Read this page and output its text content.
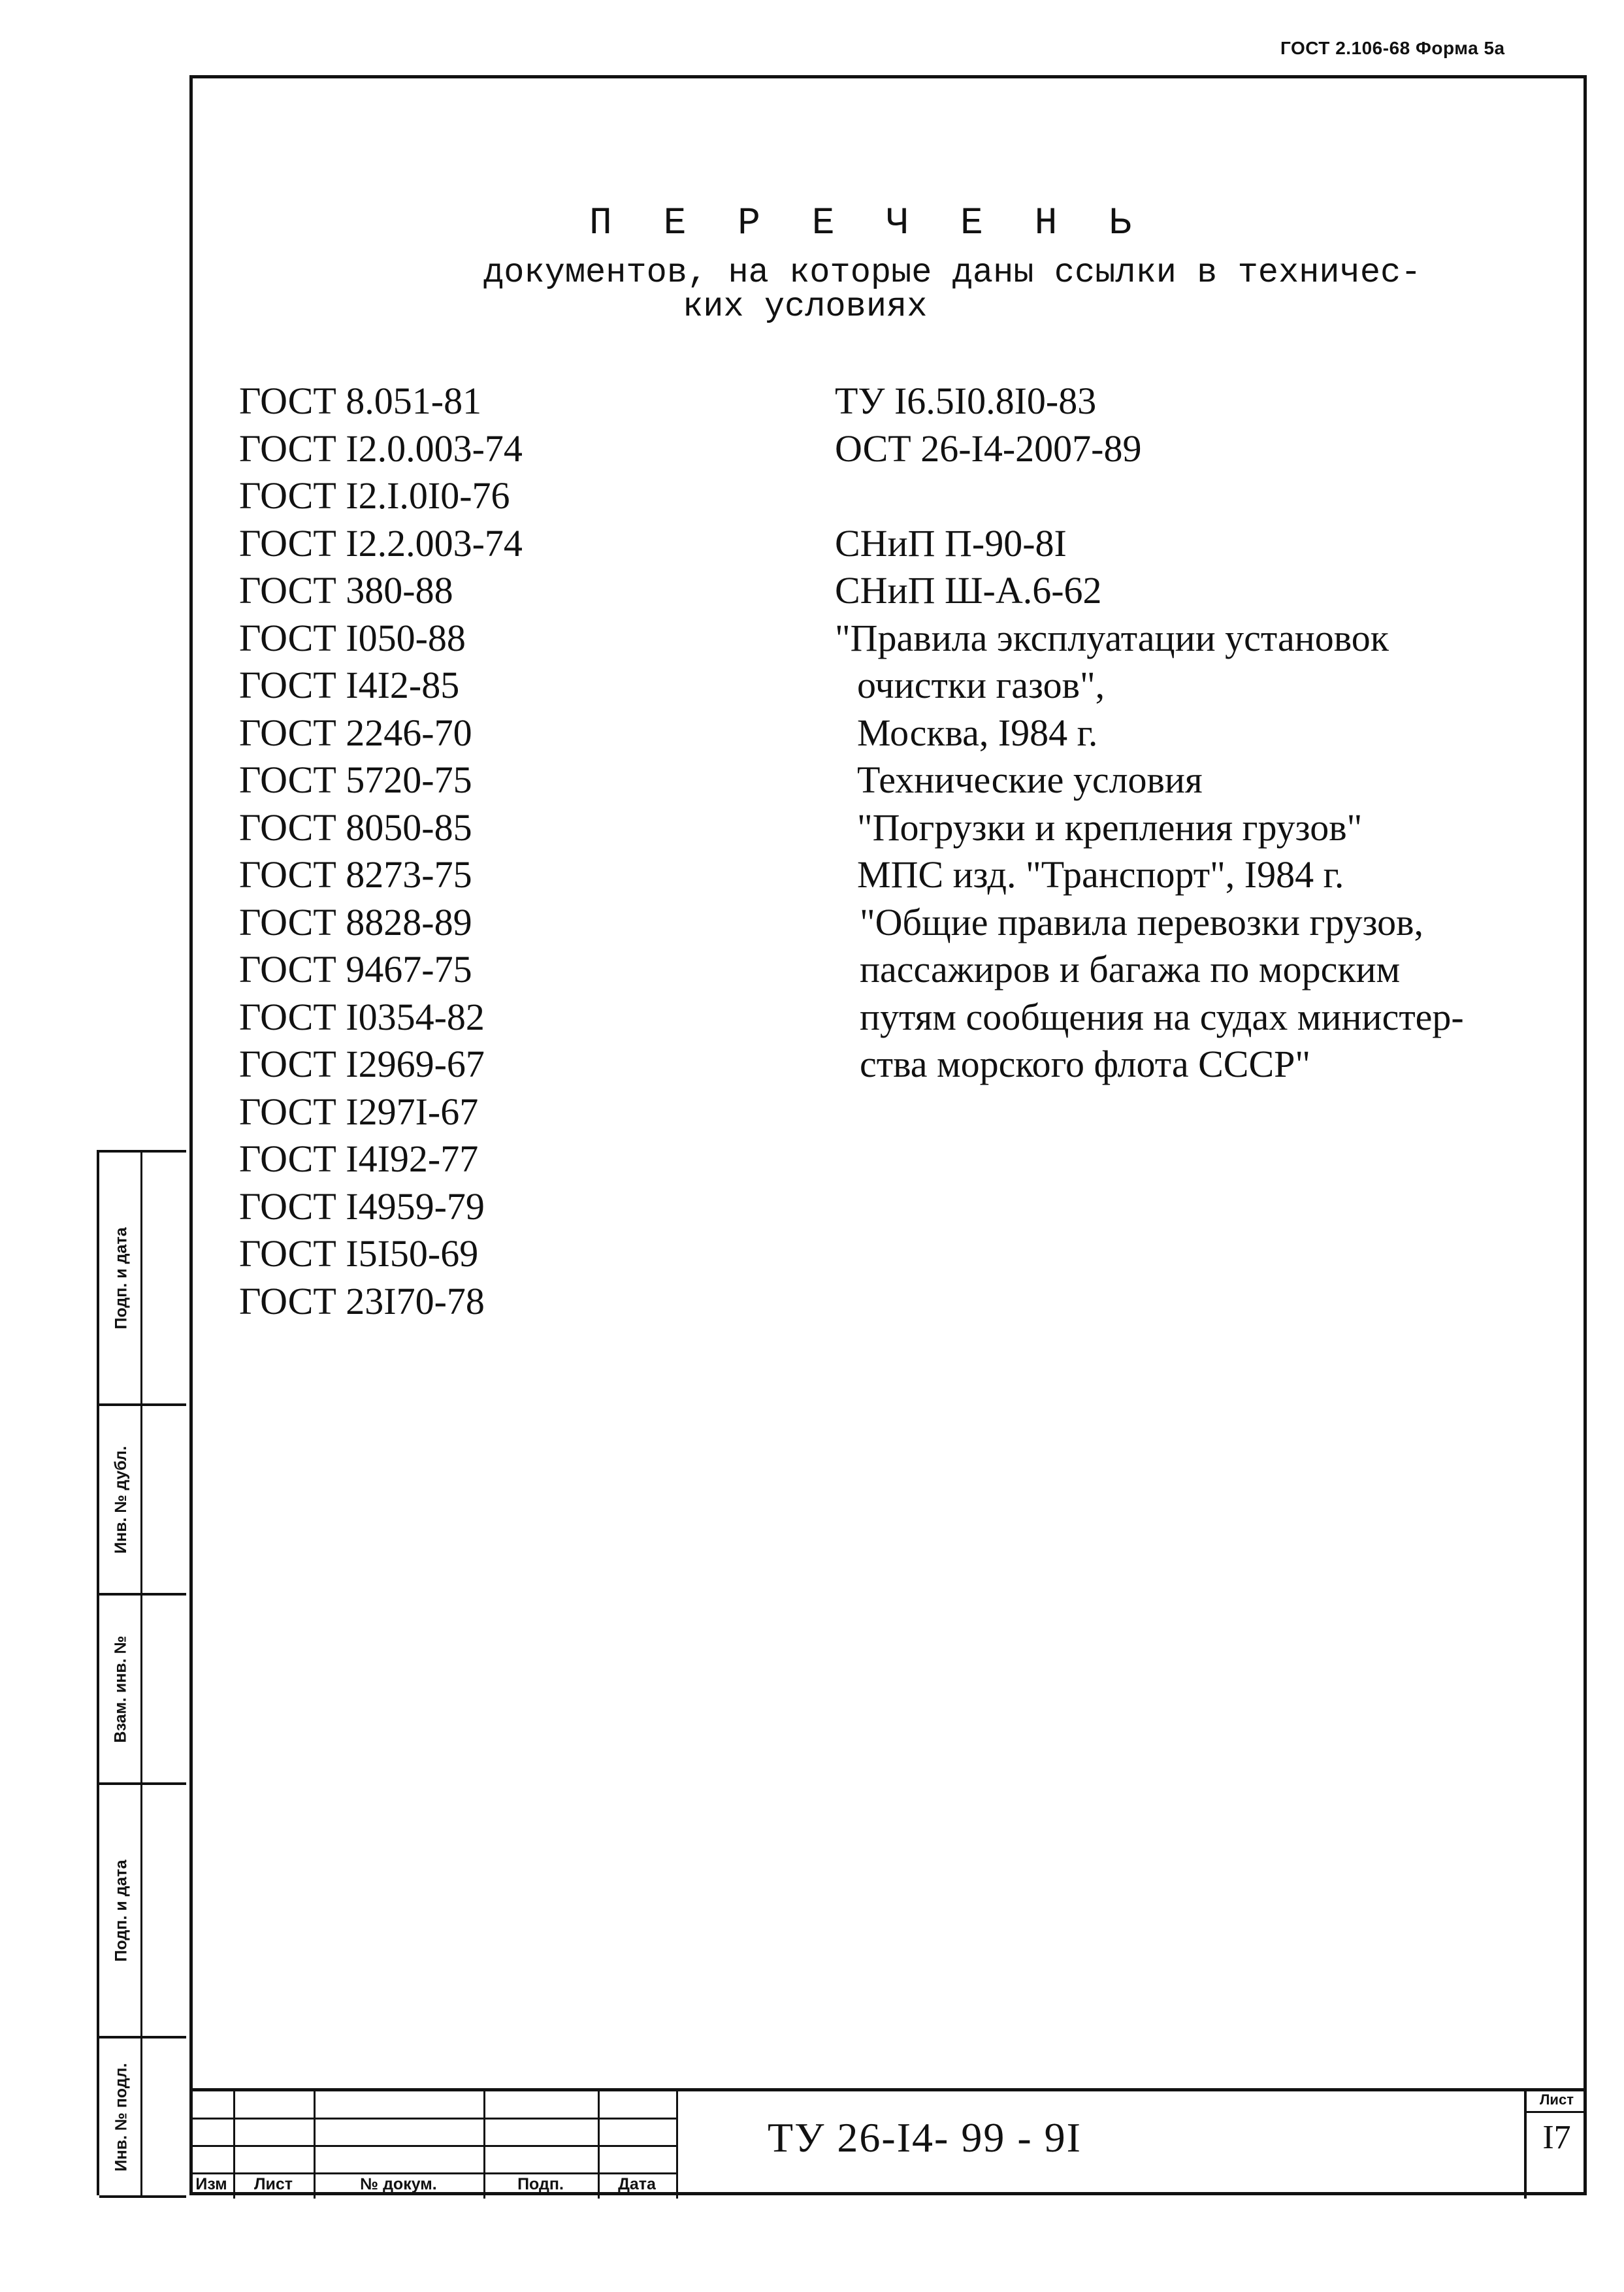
ГОСТ 2.106-68 Форма 5а
П Е Р Е Ч Е Н Ь
документов, на которые даны ссылки в техничес-
ких условиях
ГОСТ 8.051-81
ГОСТ I2.0.003-74
ГОСТ I2.I.0I0-76
ГОСТ I2.2.003-74
ГОСТ 380-88
ГОСТ I050-88
ГОСТ I4I2-85
ГОСТ 2246-70
ГОСТ 5720-75
ГОСТ 8050-85
ГОСТ 8273-75
ГОСТ 8828-89
ГОСТ 9467-75
ГОСТ I0354-82
ГОСТ I2969-67
ГОСТ I297I-67
ГОСТ I4I92-77
ГОСТ I4959-79
ГОСТ I5I50-69
ГОСТ 23I70-78
ТУ I6.5I0.8I0-83
ОСТ 26-I4-2007-89
СНиП П-90-8I
СНиП Ш-А.6-62
"Правила эксплуатации установок
очистки газов",
Москва, I984 г.
Технические условия
"Погрузки и крепления грузов"
МПС изд. "Транспорт", I984 г.
"Общие правила перевозки грузов,
пассажиров и багажа по морским
путям сообщения на судах министер-
ства морского флота СССР"
Подп. и дата
Инв. № дубл.
Взам. инв. №
Подп. и дата
Инв. № подл.
Изм	Лист	№ докум.	Подп.	Дата
ТУ 26-I4- 99 - 9I
Лист
I7
